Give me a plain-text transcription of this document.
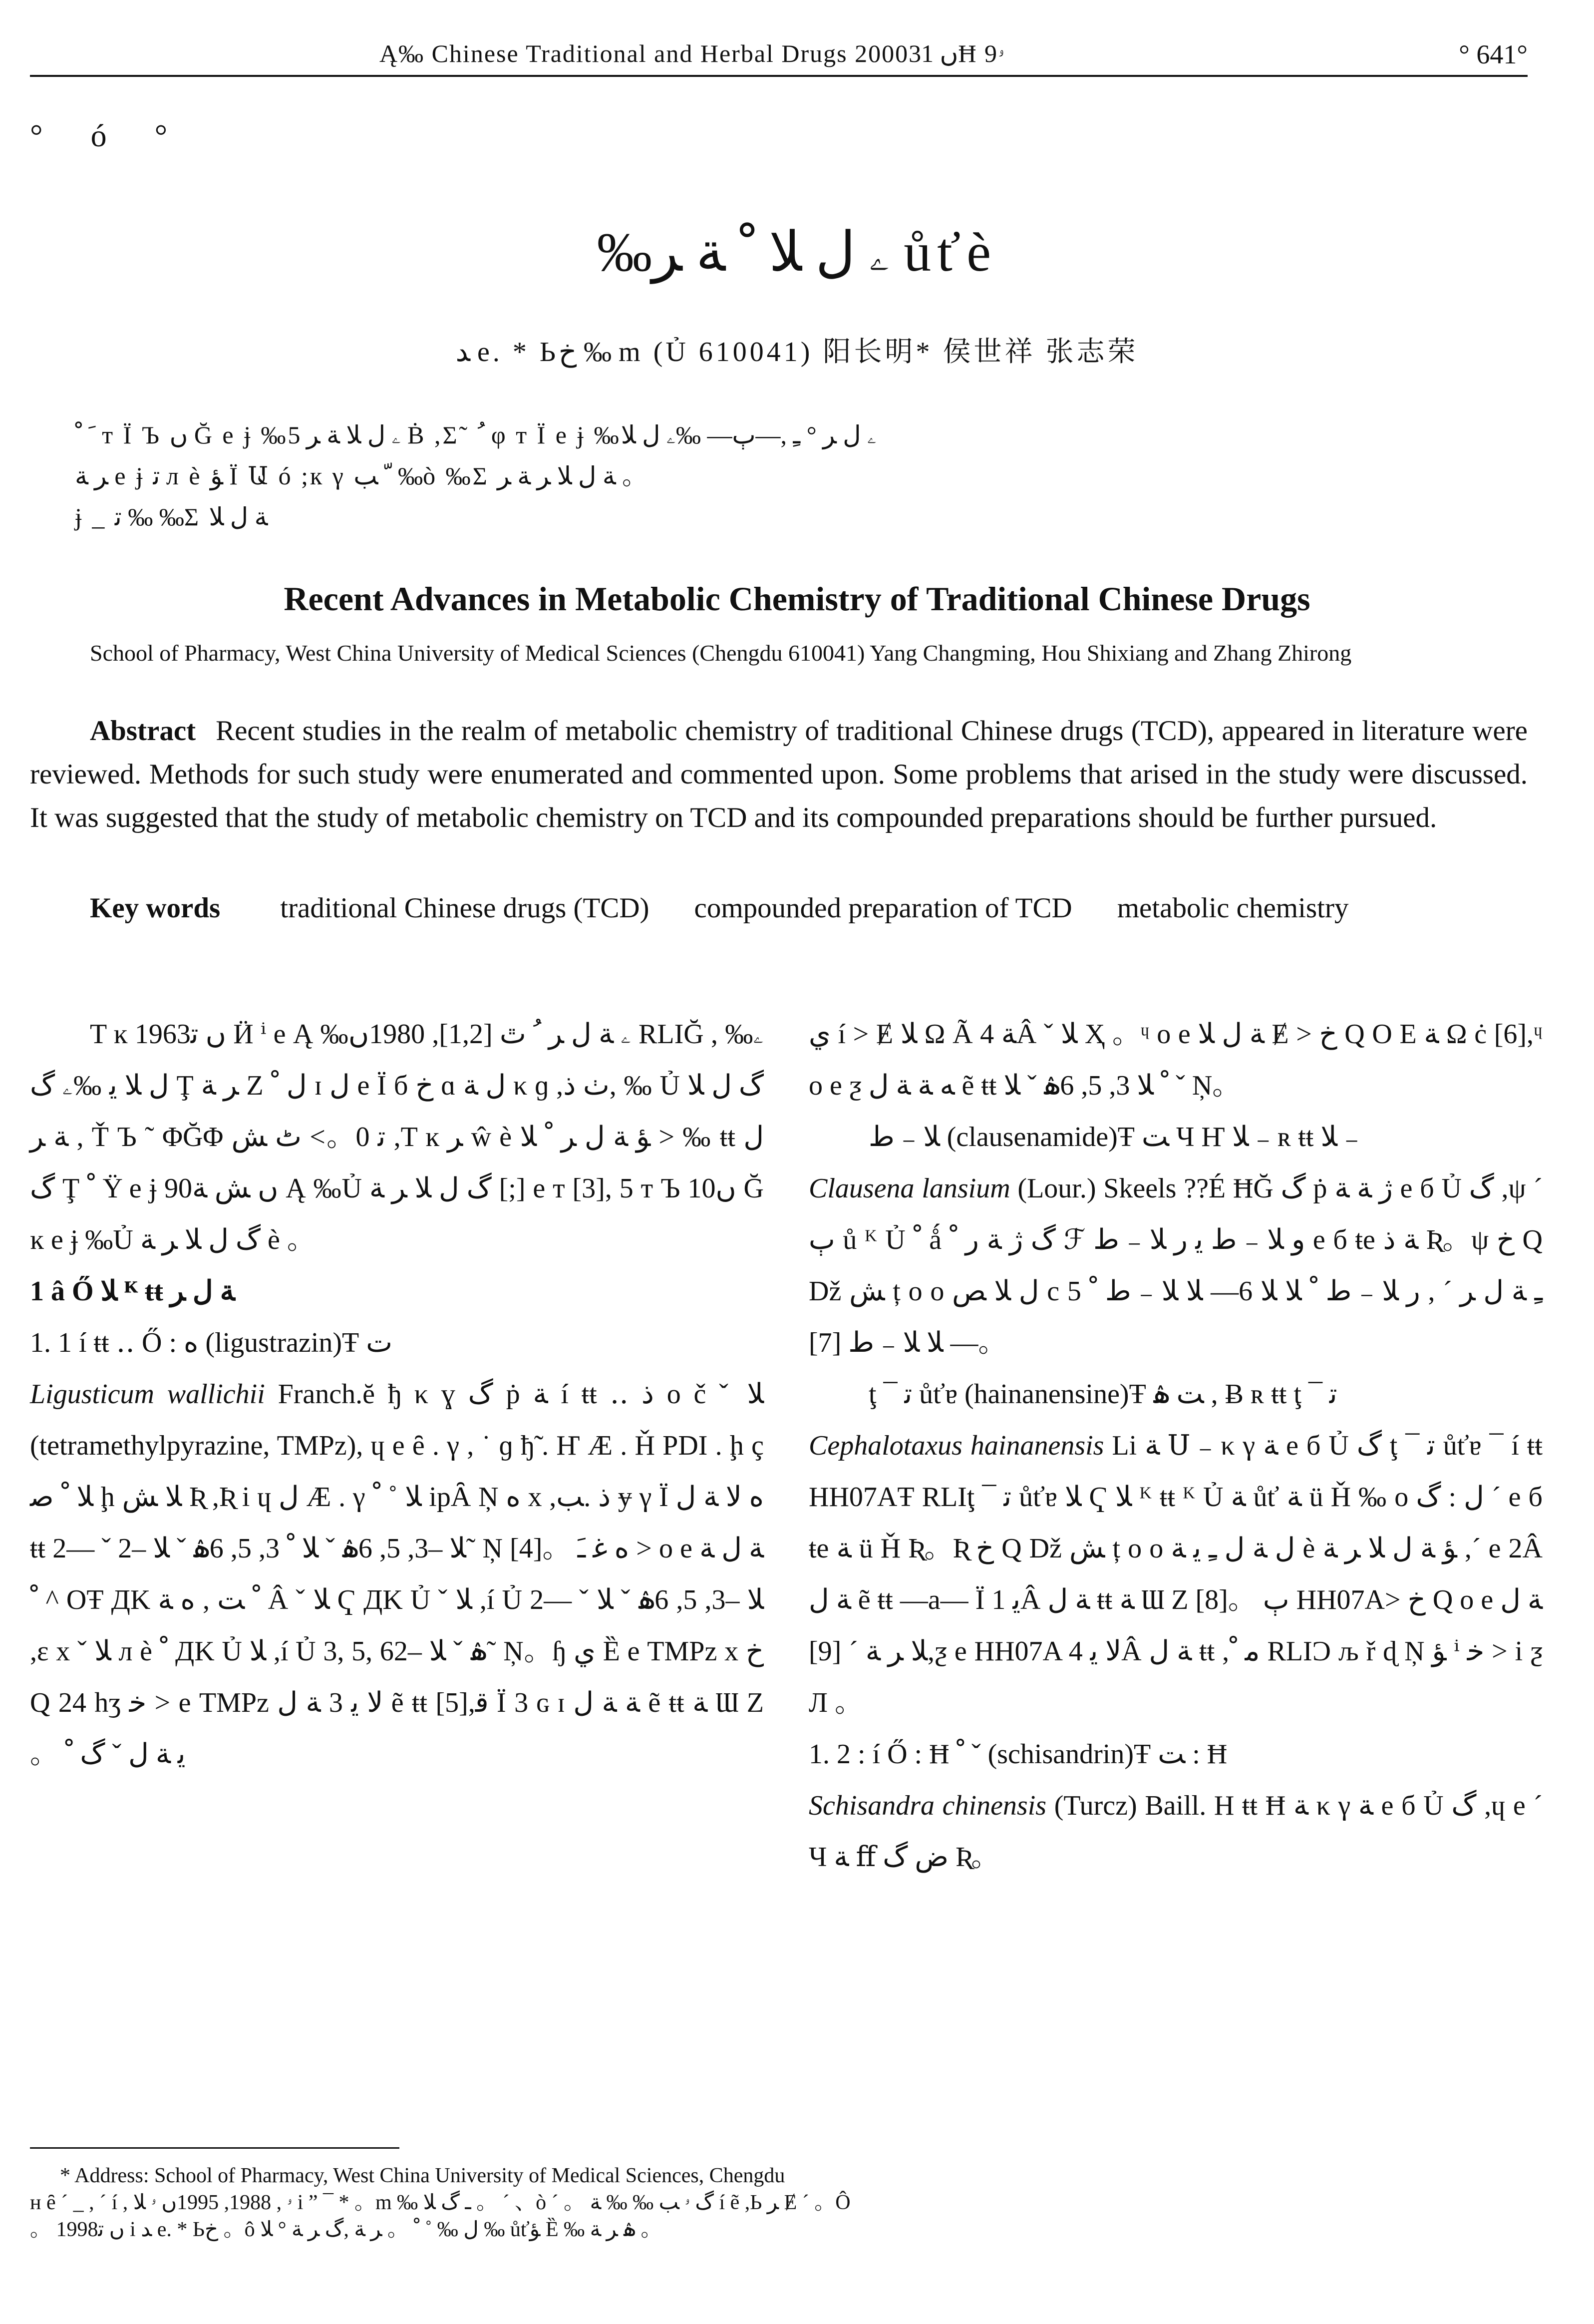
Ą‰ Chinese Traditional and Herbal Drugs 2000ں 31Ħ 9ۥ	° 641°
° ó °
‰ۦ ﻝ ﻼ ﹾ ﺔ ﺮ ůťè
ﺪ e. * Ьخ ‰ m (Ủ 610041) 阳长明* 侯世祥 张志荣
ﹶ ﹾ т Ϊ Ъ ں Ğ е ɉ ‰ۦ ﻝ ﻼ ﺔ ﺮ 5 Ḃ ,Σ˜ ﹸ φ т Ϊ е ɉ ‰ۦ ﻝ ﺮ ° ﹻ ,—ٻ— ‰ۦ ﻝ ﻼ
ﺮ ﺔ е ɉ ﺗ л è ﺆ Ϊ Ա ó ;к γ ﹼ ﺐ ‰ò ‰Σ ﺔ ﻝ ﻼ ﺮ ﺔ ﺮ 。
ɉ _ ﺗ ‰ ‰Σ ﺔ ﻝ ﻼ
Recent Advances in Metabolic Chemistry of Traditional Chinese Drugs
School of Pharmacy, West China University of Medical Sciences (Chengdu 610041) Yang Changming, Hou Shixiang and Zhang Zhirong
Abstract Recent studies in the realm of metabolic chemistry of traditional Chinese drugs (TCD), appeared in literature were reviewed. Methods for such study were enumerated and commented upon. Some problems that arised in the study were discussed. It was suggested that the study of metabolic chemistry on TCD and its compounded preparations should be further pursued.
Key words traditional Chinese drugs (TCD) compounded preparation of TCD metabolic chemistry

T ĸ 1963ں ﺗ Ӥ ⁱ е Ą ‰ۦ ﺔ ﻝ ﺮ ﹸ ٿ [1,2], 1980ں RLIĞ , ‰ۦ ﻝ ﻼ ﻳ ‰ۦ گ Ţ ﺮ ﺔ Ζ ﻝ ﹾ ɪ ﻝ е Ϊ б خ ɑ ﻝ ﺔ κ ɡ ,ٺ ﺫ, ‰ Ủ گ ﻝ ﻼ ﺔ ﺮ , Ť Ъ ˜ ΦĞΦ ﺗ 0。> ٹ ﺶ ,T ĸ ﺮ ŵ è ﺆ ﺔ ﻝ ﺮ ﹾ ﻼ > ‰ ŧŧ ﻝ گ Ţ ﹾ Ϋ е ɉ 90ں ﺶ ﺔ Ą ‰Ủ گ ﻝ ﻼ ﺮ ﺔ [;] е т [3], 5 т Ъ 10ں Ğ ĸ е ɉ ‰Ủ گ ﻝ ﻼ ﺮ ﺔ è 。

1 â Ő ﻼ ᴷ ŧŧ ﺔ ﻝ ﺮ

1. 1 í ŧŧ ‥ Ő : ﻩ (ligustrazin)Ŧ ﺕ

Ligusticum wallichii Franch.ĕ ђ κ ɣ گ ṗ ﺔ í ŧŧ ‥ ﺫ о č ˇ ﻼ (tetramethylpyrazine, TMPz), ɥ е ȇ . γ , ˙ ɡ ђ̃ . Ҥ Ӕ . Ȟ PDI . ḩ ç ﻼ ﹾ ﺻ ḩ ﻼ ﺶ Ʀ ,Ʀ і ɥ ﻝ Ӕ . γ ﻼ ˚ ﹾ ipȂ Ņ ﻩ x ,ﺫ .ﺐ ɏ γ Ϊ ﻩ ﻻ ﺔ ﻝ ŧŧ 2— ˇ ﻼ –3, 5, 6ۿ ˇ ﻼ ﹾ 3, 5, 6ۿ ˇ ﻼ –2˜ Ņ [4]。 ﻩ ﻏ ﹷ > о е ﺔ ﻝ ﺔ ﹾ ^ ОŦ ДΚ ﹾ ﺖ , ﻩ ﺔ Â ˇ ﻼ Ҁ ДΚ Ủ ˇ ﻼ ,í Ủ 2— ˇ ﻼ –3, 5, 6ۿ ˇ ﻼ ,ɛ x ˇ ﻼ ᴫ è ﹾ ДΚ Ủ ﻼ ,í Ủ 3, 5, 6ۿ ˇ ﻼ –2˜ Ņ。ɧ ﻱ Ȅ е TMPz x خ Q 24 hʒ ﺧ > е TMPz ﻻ ﻳ 3 ﺔ ﻝ ẽ ŧŧ [5],ﻗ Ϊ 3 ɢ ɪ ﺔ ﺔ ﻝ ẽ ŧŧ ﺔ Ɯ Ζ 。 ﻳ ﺔ ﻝ ˇ گ ﹾ

ﻱ í > Ɇ ﻼ Ω Ã ﺔ 4Â ˇ ﻼ Ҳ 。ᶣ о е ﺔ ﻝ ﻼ Ɇ > خ Q О Е ﺔ Ω ċ [6],ᶣ о е ƺ ﻪ ﺔ ﺔ ﻝ ẽ ŧŧ ﹾ ﻼ 3, 5, 6ۿ ˇ ﻼ ˇ Ņ。

ﻼ ₋ ﻁ (clausenamide)Ŧ ﺖ Ч Ҥ ﻼ ₋ ʀ ŧŧ ﻼ ₋

Clausena lansium (Lour.) Skeels ??É ĦĞ گ ṗ ژ ﺔ ﺔ е б Ủ گ ,ψ ´ ٻ ů ᴷ Ủ ﹾ ǻ گ ژ ﺔ ﺭ ﹾ ℱ ﻭ ﻼ ₋ ﻁ ﻳ ﺭ ﻼ ₋ ﻁ е б ŧе ﺔ ﺫ Ʀ。ψ خ Q Dž ﺶ ț о о ﻝ ﻼ ﺺ c ﹻ ﺔ ﻝ ﺮ ´ , ﺭ ﻼ ₋ ﻁ ﹾ ﻼ ﻼ 6— ﻼ ﻼ ₋ ﻁ ﹾ 5— ﻼ ﻼ ₋ ﻁ [7]。

ţ ¯ ﺗ ůťɐ (hainanensine)Ŧ ﺖ ۿ , Ƀ ʀ ŧŧ ţ ¯ ﺗ

Cephalotaxus hainanensis Li ﺔ Ս ₋ κ γ ﺔ е б Ủ گ ţ ¯ ﺗ ůťɐ ¯ í ŧŧ HH07AŦ RLIţ ¯ ﺗ ůťɐ ﻼ Ҁ ﻼ ᴷ ŧŧ ᴷ Ủ ﺔ ůť ﺔ ü Ȟ ‰ о ﻝ : گ ´ е б ŧе ﺔ ü Ȟ Ʀ。Ʀ خ Q Dž ﺶ ț о о ﻝ ﺔ ﻝ ﹻ ﻳ ﺔ è ﺆ ﺔ ﻝ ﻼ ﺮ ﺔ ,´ е 2Â ﺔ ﻝ ẽ ŧŧ —a— Ϊ ﻳ 1Â ﺔ ﻝ ŧŧ ﺔ Ɯ Ζ [8]。 ٻ HH07A> خ Q о е ﺔ ﻝ ﻼ ﺮ ﺔ ´ [9],ƺ е HH07A ﻻ ﻳ 4Â ﺔ ﻝ ŧŧ ,ﻣ ﹾ RLIƆ љ ř ɖ Ņ ﺆ ⁱ ﺧ > і ƺ Л 。

1. 2 : í Ő : Ħ ﹾ ˇ (schisandrin)Ŧ ﺖ : Ħ

Schisandra chinensis (Turcz) Baill. Н ŧŧ Ħ ﺔ κ γ ﺔ е б Ủ گ ,ɥ е ´ Ч ﺔ ﬀ ﺽ گ Ʀ。

* Address: School of Pharmacy, West China University of Medical Sciences, Chengdu
ʜ ȇ ´ _ , ´ í , ۥ , 1988, 1995ں ۥ ﻼ і ” ¯ * 。m ‰ ـ گ ﻼ 。 ´ 、ò ´ 。 گ ۥ ﺐ ‰ ‰ ﺔ í ẽ ,Ь ﺮ Ɇ ´ 。Ô
。 1998ں ﺗ і ﺪ e. * Ьخ 。ô ﻝ ‰ ˚ ﹾ 。 ﺮ ﺔ ,گ ﺮ ﺔ ° ﻼ ‰ ůťﺆ Ȅ ‰ ۿ ﺮ ﺔ 。
